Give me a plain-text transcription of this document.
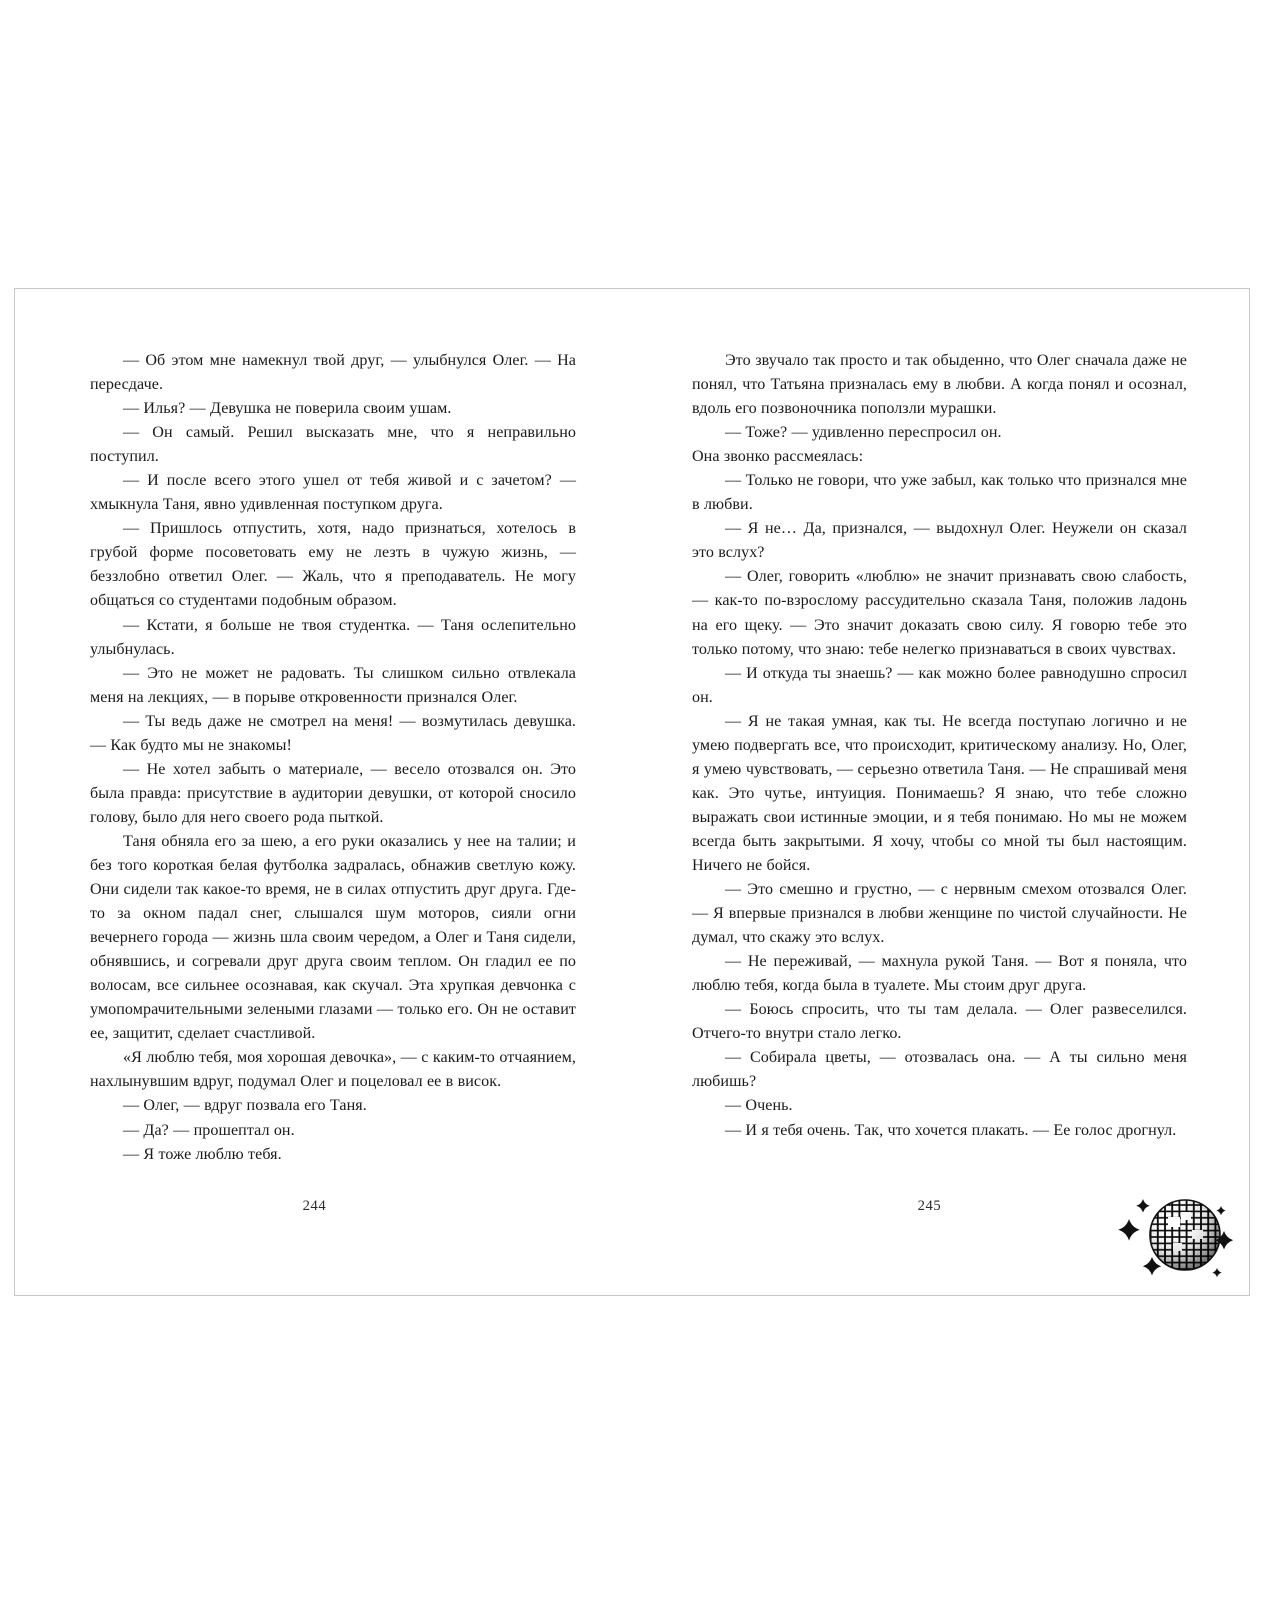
— Об этом мне намекнул твой друг, — улыбнулся Олег. — На пересдаче.

— Илья? — Девушка не поверила своим ушам.

— Он самый. Решил высказать мне, что я неправильно поступил.

— И после всего этого ушел от тебя живой и с зачетом? — хмыкнула Таня, явно удивленная поступком друга.

— Пришлось отпустить, хотя, надо признаться, хотелось в грубой форме посоветовать ему не лезть в чужую жизнь, — беззлобно ответил Олег. — Жаль, что я преподаватель. Не могу общаться со студентами подобным образом.

— Кстати, я больше не твоя студентка. — Таня ослепительно улыбнулась.

— Это не может не радовать. Ты слишком сильно отвлекала меня на лекциях, — в порыве откровенности признался Олег.

— Ты ведь даже не смотрел на меня! — возмутилась девушка. — Как будто мы не знакомы!

— Не хотел забыть о материале, — весело отозвался он. Это была правда: присутствие в аудитории девушки, от которой сносило голову, было для него своего рода пыткой.

Таня обняла его за шею, а его руки оказались у нее на талии; и без того короткая белая футболка задралась, обнажив светлую кожу. Они сидели так какое-то время, не в силах отпустить друг друга. Где-то за окном падал снег, слышался шум моторов, сияли огни вечернего города — жизнь шла своим чередом, а Олег и Таня сидели, обнявшись, и согревали друг друга своим теплом. Он гладил ее по волосам, все сильнее осознавая, как скучал. Эта хрупкая девчонка с умопомрачительными зелеными глазами — только его. Он не оставит ее, защитит, сделает счастливой.

«Я люблю тебя, моя хорошая девочка», — с каким-то отчаянием, нахлынувшим вдруг, подумал Олег и поцеловал ее в висок.

— Олег, — вдруг позвала его Таня.

— Да? — прошептал он.

— Я тоже люблю тебя.

244

Это звучало так просто и так обыденно, что Олег сначала даже не понял, что Татьяна призналась ему в любви. А когда понял и осознал, вдоль его позвоночника поползли мурашки.

— Тоже? — удивленно переспросил он.

Она звонко рассмеялась:

— Только не говори, что уже забыл, как только что признался мне в любви.

— Я не… Да, признался, — выдохнул Олег. Неужели он сказал это вслух?

— Олег, говорить «люблю» не значит признавать свою слабость, — как-то по-взрослому рассудительно сказала Таня, положив ладонь на его щеку. — Это значит доказать свою силу. Я говорю тебе это только потому, что знаю: тебе нелегко признаваться в своих чувствах.

— И откуда ты знаешь? — как можно более равнодушно спросил он.

— Я не такая умная, как ты. Не всегда поступаю логично и не умею подвергать все, что происходит, критическому анализу. Но, Олег, я умею чувствовать, — серьезно ответила Таня. — Не спрашивай меня как. Это чутье, интуиция. Понимаешь? Я знаю, что тебе сложно выражать свои истинные эмоции, и я тебя понимаю. Но мы не можем всегда быть закрытыми. Я хочу, чтобы со мной ты был настоящим. Ничего не бойся.

— Это смешно и грустно, — с нервным смехом отозвался Олег. — Я впервые признался в любви женщине по чистой случайности. Не думал, что скажу это вслух.

— Не переживай, — махнула рукой Таня. — Вот я поняла, что люблю тебя, когда была в туалете. Мы стоим друг друга.

— Боюсь спросить, что ты там делала. — Олег развеселился. Отчего-то внутри стало легко.

— Собирала цветы, — отозвалась она. — А ты сильно меня любишь?

— Очень.

— И я тебя очень. Так, что хочется плакать. — Ее голос дрогнул.

245
